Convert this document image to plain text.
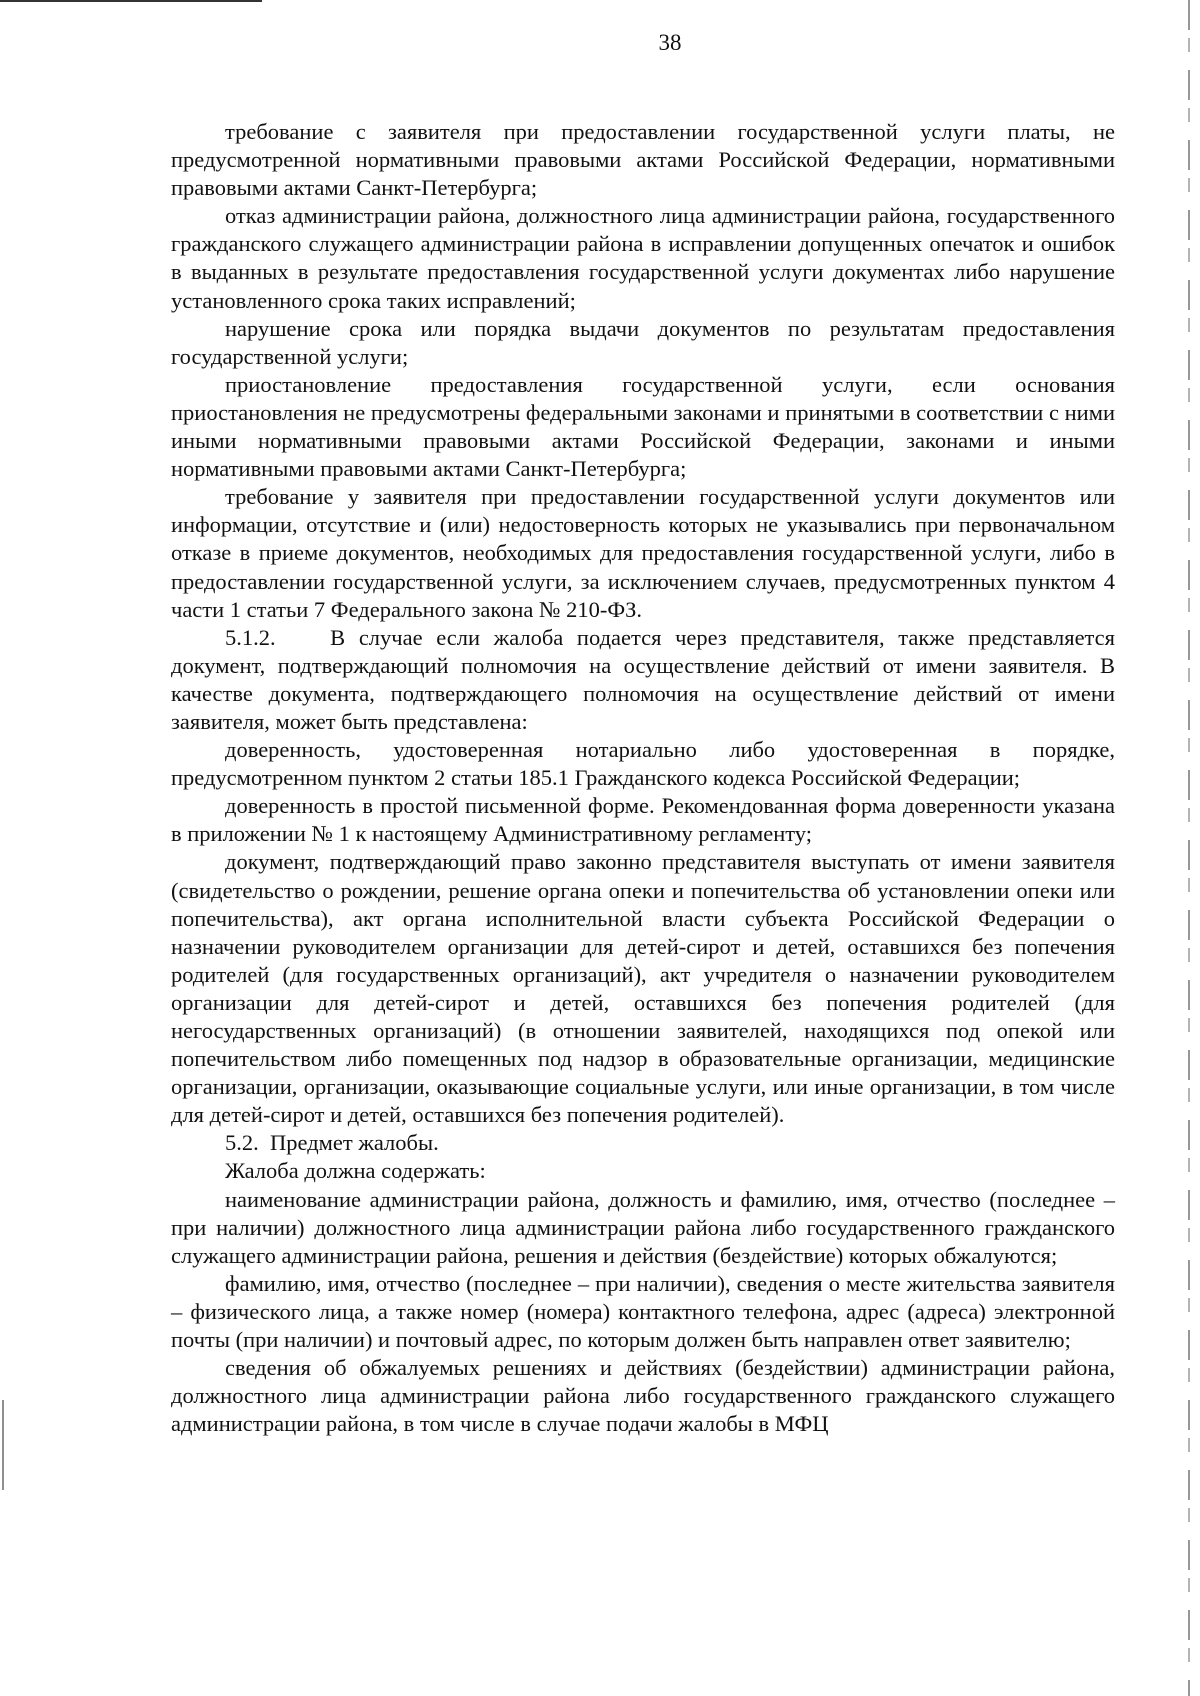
38

требование с заявителя при предоставлении государственной услуги платы, не предусмотренной нормативными правовыми актами Российской Федерации, нормативными правовыми актами Санкт-Петербурга;

отказ администрации района, должностного лица администрации района, государственного гражданского служащего администрации района в исправлении допущенных опечаток и ошибок в выданных в результате предоставления государственной услуги документах либо нарушение установленного срока таких исправлений;

нарушение срока или порядка выдачи документов по результатам предоставления государственной услуги;

приостановление предоставления государственной услуги, если основания приостановления не предусмотрены федеральными законами и принятыми в соответствии с ними иными нормативными правовыми актами Российской Федерации, законами и иными нормативными правовыми актами Санкт-Петербурга;

требование у заявителя при предоставлении государственной услуги документов или информации, отсутствие и (или) недостоверность которых не указывались при первоначальном отказе в приеме документов, необходимых для предоставления государственной услуги, либо в предоставлении государственной услуги, за исключением случаев, предусмотренных пунктом 4 части 1 статьи 7 Федерального закона № 210-ФЗ.

5.1.2.    В случае если жалоба подается через представителя, также представляется документ, подтверждающий полномочия на осуществление действий от имени заявителя. В качестве документа, подтверждающего полномочия на осуществление действий от имени заявителя, может быть представлена:

доверенность, удостоверенная нотариально либо удостоверенная в порядке, предусмотренном пунктом 2 статьи 185.1 Гражданского кодекса Российской Федерации;

доверенность в простой письменной форме. Рекомендованная форма доверенности указана в приложении № 1 к настоящему Административному регламенту;

документ, подтверждающий право законно представителя выступать от имени заявителя (свидетельство о рождении, решение органа опеки и попечительства об установлении опеки или попечительства), акт органа исполнительной власти субъекта Российской Федерации о назначении руководителем организации для детей-сирот и детей, оставшихся без попечения родителей (для государственных организаций), акт учредителя о назначении руководителем организации для детей-сирот и детей, оставшихся без попечения родителей (для негосударственных организаций) (в отношении заявителей, находящихся под опекой или попечительством либо помещенных под надзор в образовательные организации, медицинские организации, организации, оказывающие социальные услуги, или иные организации, в том числе для детей-сирот и детей, оставшихся без попечения родителей).

5.2.  Предмет жалобы.

Жалоба должна содержать:

наименование администрации района, должность и фамилию, имя, отчество (последнее – при наличии) должностного лица администрации района либо государственного гражданского служащего администрации района, решения и действия (бездействие) которых обжалуются;

фамилию, имя, отчество (последнее – при наличии), сведения о месте жительства заявителя – физического лица, а также номер (номера) контактного телефона, адрес (адреса) электронной почты (при наличии) и почтовый адрес, по которым должен быть направлен ответ заявителю;

сведения об обжалуемых решениях и действиях (бездействии) администрации района, должностного лица администрации района либо государственного гражданского служащего администрации района, в том числе в случае подачи жалобы в МФЦ
